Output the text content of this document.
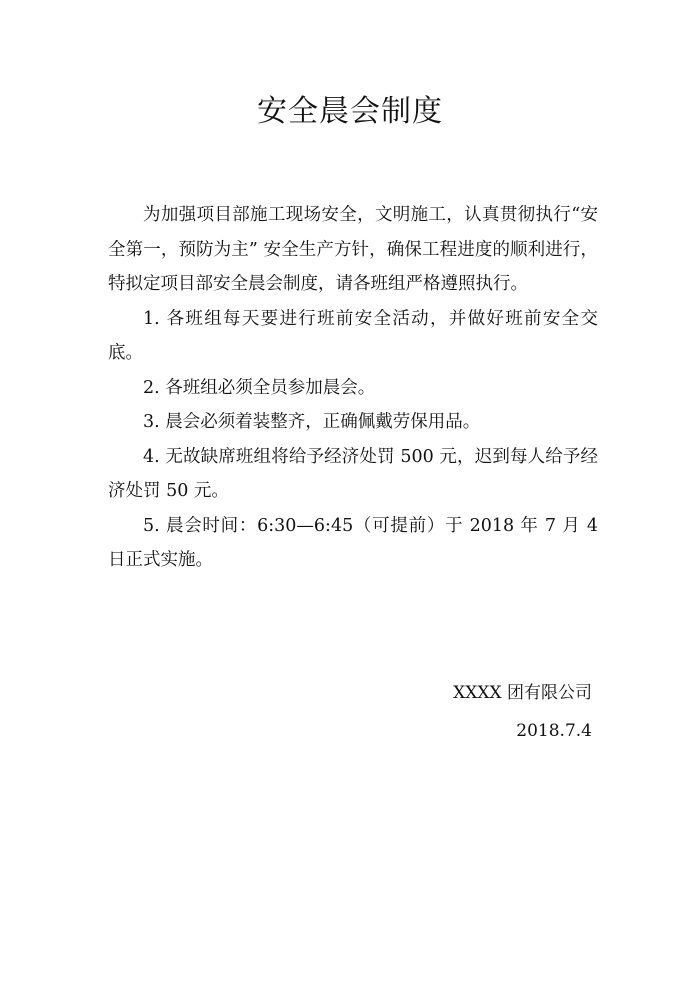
安全晨会制度

为加强项目部施工现场安全，文明施工，认真贯彻执行“安全第一，预防为主” 安全生产方针，确保工程进度的顺利进行，特拟定项目部安全晨会制度，请各班组严格遵照执行。

1. 各班组每天要进行班前安全活动，并做好班前安全交底。

2. 各班组必须全员参加晨会。

3. 晨会必须着装整齐，正确佩戴劳保用品。

4. 无故缺席班组将给予经济处罚 500 元，迟到每人给予经济处罚 50 元。

5. 晨会时间：6:30—6:45（可提前）于 2018 年 7 月 4 日正式实施。

XXXX 团有限公司
2018.7.4
